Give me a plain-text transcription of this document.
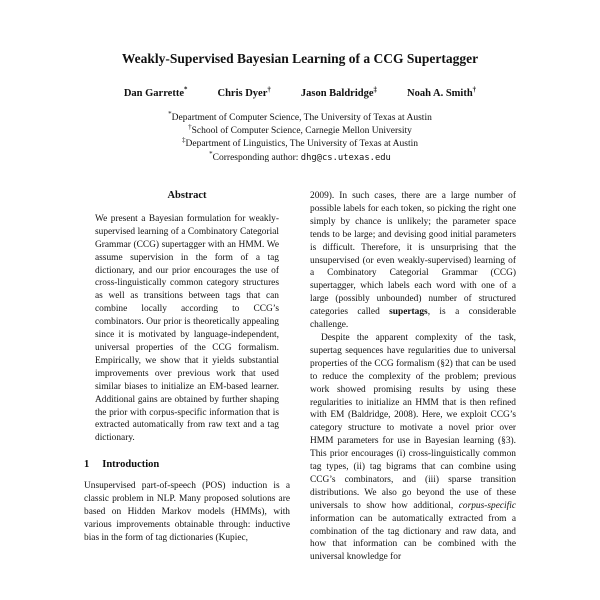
Weakly-Supervised Bayesian Learning of a CCG Supertagger
Dan Garrette*	Chris Dyer†	Jason Baldridge‡	Noah A. Smith†
*Department of Computer Science, The University of Texas at Austin
†School of Computer Science, Carnegie Mellon University
‡Department of Linguistics, The University of Texas at Austin
*Corresponding author: dhg@cs.utexas.edu
Abstract

We present a Bayesian formulation for weakly-supervised learning of a Combinatory Categorial Grammar (CCG) supertagger with an HMM. We assume supervision in the form of a tag dictionary, and our prior encourages the use of cross-linguistically common category structures as well as transitions between tags that can combine locally according to CCG’s combinators. Our prior is theoretically appealing since it is motivated by language-independent, universal properties of the CCG formalism. Empirically, we show that it yields substantial improvements over previous work that used similar biases to initialize an EM-based learner. Additional gains are obtained by further shaping the prior with corpus-specific information that is extracted automatically from raw text and a tag dictionary.

1 Introduction

Unsupervised part-of-speech (POS) induction is a classic problem in NLP. Many proposed solutions are based on Hidden Markov models (HMMs), with various improvements obtainable through: inductive bias in the form of tag dictionaries (Kupiec,

2009). In such cases, there are a large number of possible labels for each token, so picking the right one simply by chance is unlikely; the parameter space tends to be large; and devising good initial parameters is difficult. Therefore, it is unsurprising that the unsupervised (or even weakly-supervised) learning of a Combinatory Categorial Grammar (CCG) supertagger, which labels each word with one of a large (possibly unbounded) number of structured categories called supertags, is a considerable challenge.

Despite the apparent complexity of the task, supertag sequences have regularities due to universal properties of the CCG formalism (§2) that can be used to reduce the complexity of the problem; previous work showed promising results by using these regularities to initialize an HMM that is then refined with EM (Baldridge, 2008). Here, we exploit CCG’s category structure to motivate a novel prior over HMM parameters for use in Bayesian learning (§3). This prior encourages (i) cross-linguistically common tag types, (ii) tag bigrams that can combine using CCG’s combinators, and (iii) sparse transition distributions. We also go beyond the use of these universals to show how additional, corpus-specific information can be automatically extracted from a combination of the tag dictionary and raw data, and how that information can be combined with the universal knowledge for
